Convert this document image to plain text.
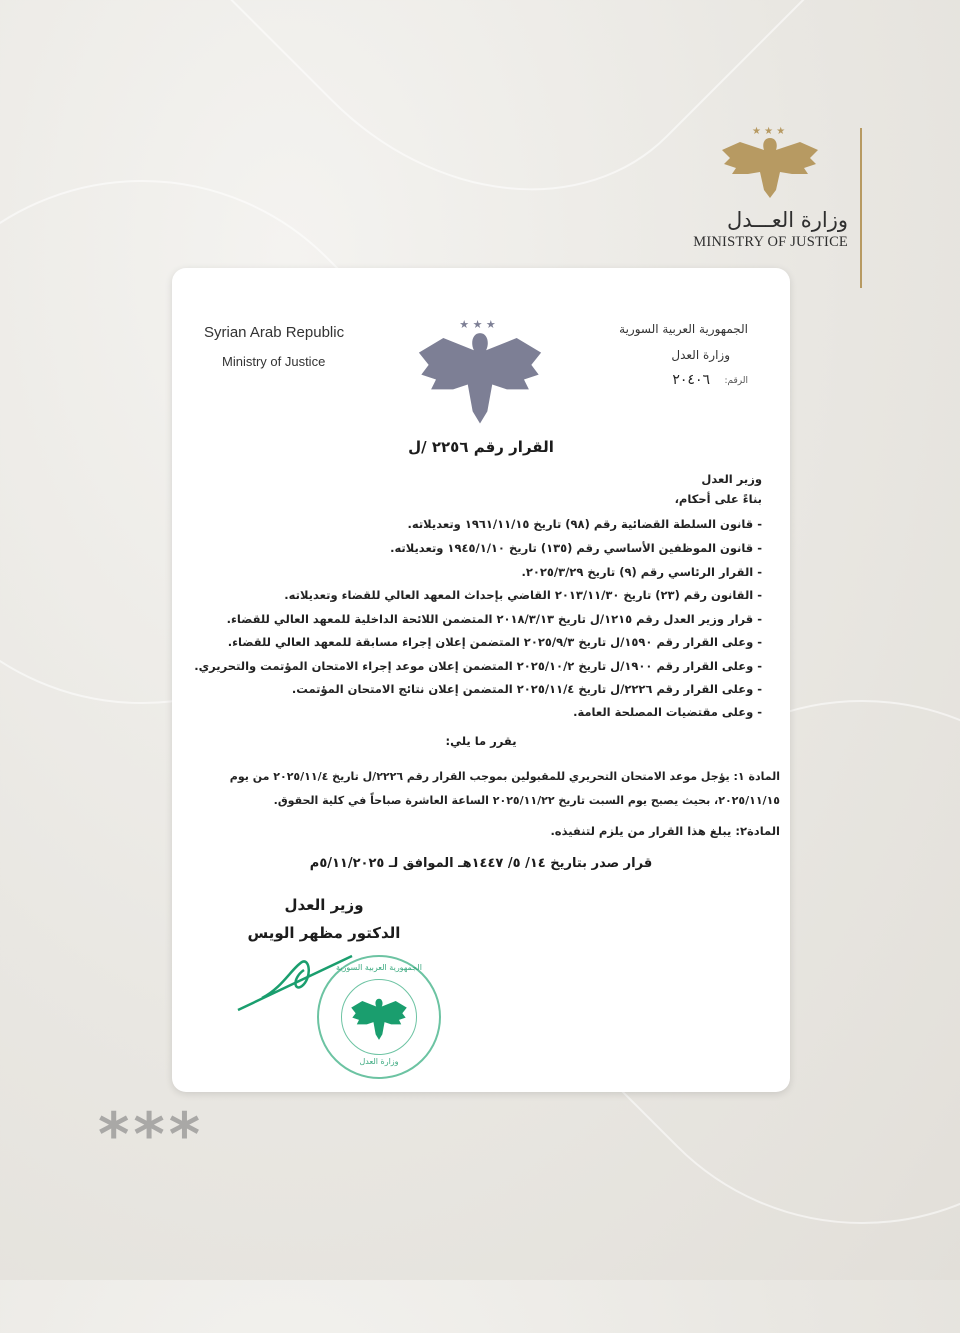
★ ★ ★
وزارة العـــدل
MINISTRY OF JUSTICE
Syrian Arab Republic
Ministry of Justice
★ ★ ★	الجمهورية العربية السورية
وزارة العدل
الرقم:
٢٠٤٠٦
القرار رقم ٢٢٥٦ /ل
وزير العدل
بناءً على أحكام،
- قانون السلطة القضائية رقم (٩٨) تاريخ ١٩٦١/١١/١٥ وتعديلاته.
- قانون الموظفين الأساسي رقم (١٣٥) تاريخ ١٩٤٥/١/١٠ وتعديلاته.
- القرار الرئاسي رقم (٩) تاريخ ٢٠٢٥/٣/٢٩.
- القانون رقم (٢٣) تاريخ ٢٠١٣/١١/٣٠ القاضي بإحداث المعهد العالي للقضاء وتعديلاته.
- قرار وزير العدل رقم ١٢١٥/ل تاريخ ٢٠١٨/٣/١٣ المتضمن اللائحة الداخلية للمعهد العالي للقضاء.
- وعلى القرار رقم ١٥٩٠/ل تاريخ ٢٠٢٥/٩/٣ المتضمن إعلان إجراء مسابقة للمعهد العالي للقضاء.
- وعلى القرار رقم ١٩٠٠/ل تاريخ ٢٠٢٥/١٠/٢ المتضمن إعلان موعد إجراء الامتحان المؤتمت والتحريري.
- وعلى القرار رقم ٢٢٢٦/ل تاريخ ٢٠٢٥/١١/٤ المتضمن إعلان نتائج الامتحان المؤتمت.
- وعلى مقتضيات المصلحة العامة.
يقرر ما يلي:
المادة ١: يؤجل موعد الامتحان التحريري للمقبولين بموجب القرار رقم ٢٢٢٦/ل تاريخ ٢٠٢٥/١١/٤ من يوم
٢٠٢٥/١١/١٥، بحيث يصبح يوم السبت تاريخ ٢٠٢٥/١١/٢٢ الساعة العاشرة صباحاً في كلية الحقوق.
المادة٢: يبلغ هذا القرار من يلزم لتنفيذه.
قرار صدر بتاريخ ١٤/ ٥/ ١٤٤٧هـ الموافق لـ ٥/١١/٢٠٢٥م
وزير العدل
الدكتور مظهر الويس
الجمهورية العربية السورية
وزارة العدل
***
